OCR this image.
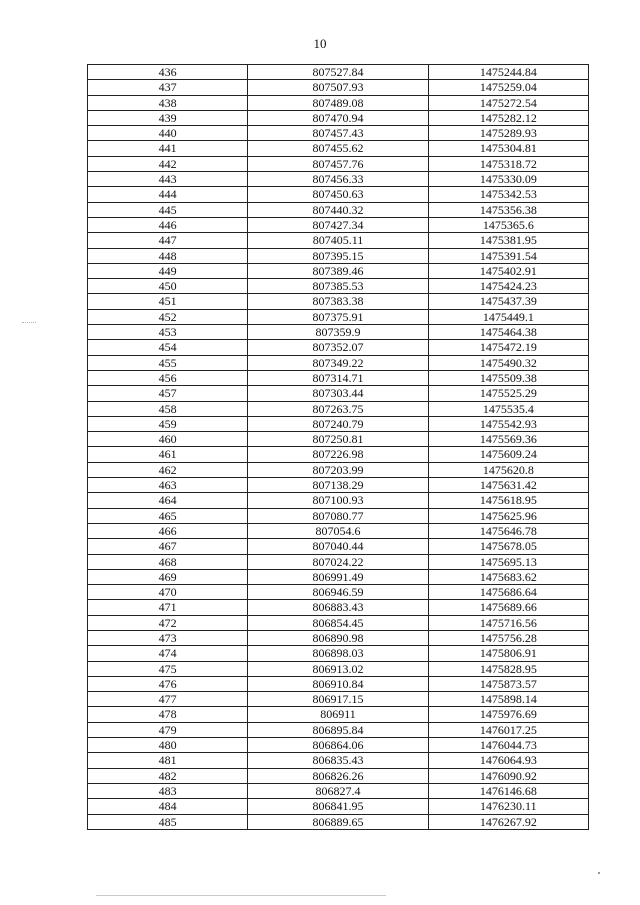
10
436	807527.84	1475244.84
437	807507.93	1475259.04
438	807489.08	1475272.54
439	807470.94	1475282.12
440	807457.43	1475289.93
441	807455.62	1475304.81
442	807457.76	1475318.72
443	807456.33	1475330.09
444	807450.63	1475342.53
445	807440.32	1475356.38
446	807427.34	1475365.6
447	807405.11	1475381.95
448	807395.15	1475391.54
449	807389.46	1475402.91
450	807385.53	1475424.23
451	807383.38	1475437.39
452	807375.91	1475449.1
453	807359.9	1475464.38
454	807352.07	1475472.19
455	807349.22	1475490.32
456	807314.71	1475509.38
457	807303.44	1475525.29
458	807263.75	1475535.4
459	807240.79	1475542.93
460	807250.81	1475569.36
461	807226.98	1475609.24
462	807203.99	1475620.8
463	807138.29	1475631.42
464	807100.93	1475618.95
465	807080.77	1475625.96
466	807054.6	1475646.78
467	807040.44	1475678.05
468	807024.22	1475695.13
469	806991.49	1475683.62
470	806946.59	1475686.64
471	806883.43	1475689.66
472	806854.45	1475716.56
473	806890.98	1475756.28
474	806898.03	1475806.91
475	806913.02	1475828.95
476	806910.84	1475873.57
477	806917.15	1475898.14
478	806911	1475976.69
479	806895.84	1476017.25
480	806864.06	1476044.73
481	806835.43	1476064.93
482	806826.26	1476090.92
483	806827.4	1476146.68
484	806841.95	1476230.11
485	806889.65	1476267.92
